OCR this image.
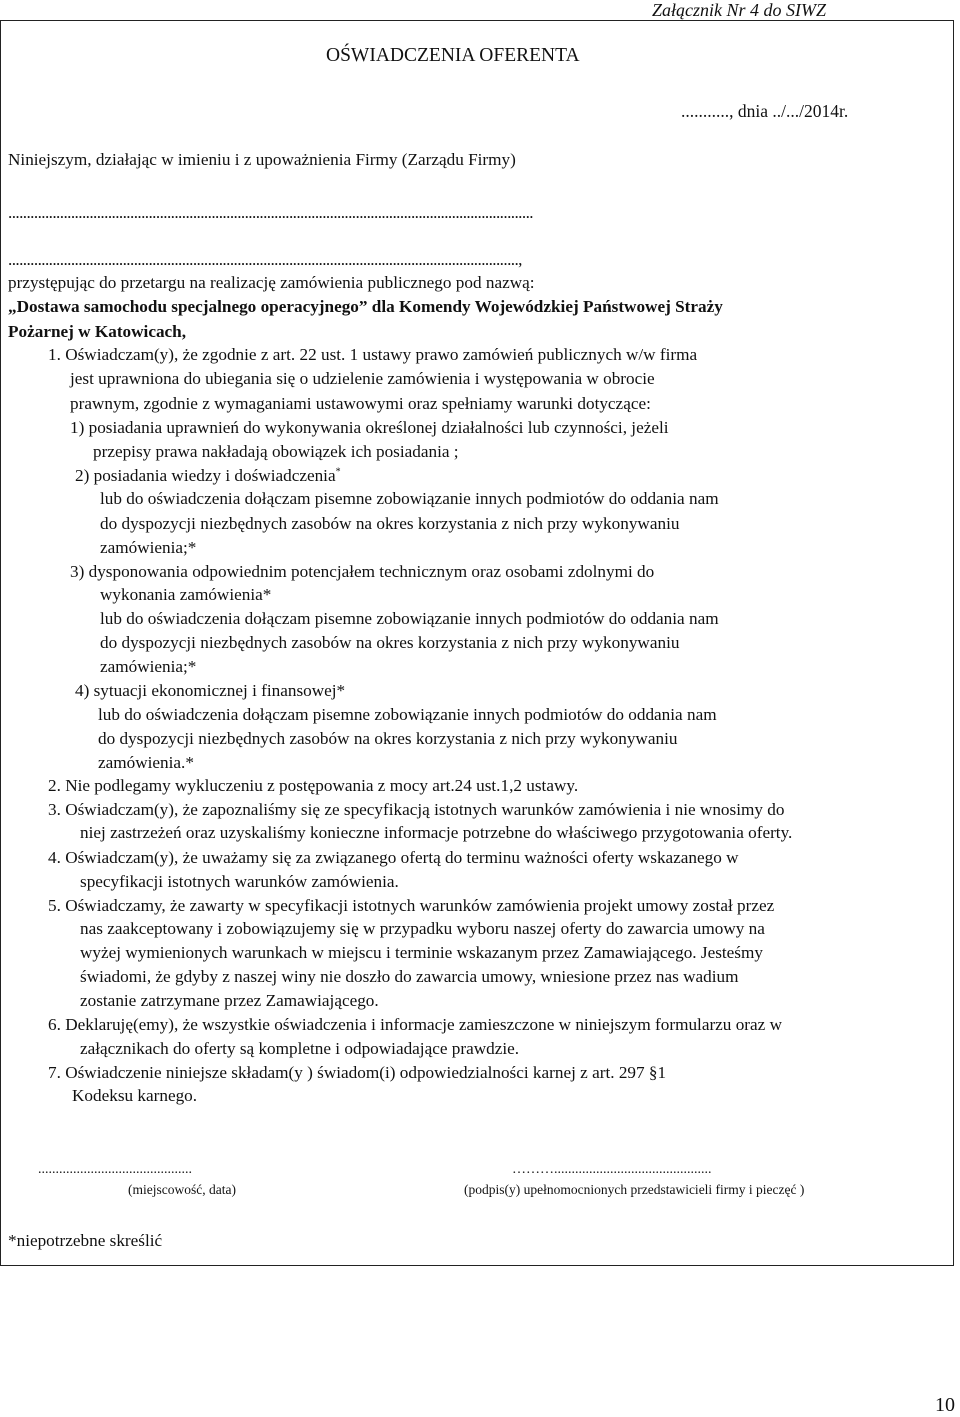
Załącznik Nr 4 do SIWZ
OŚWIADCZENIA OFERENTA
..........., dnia ../.../2014r.
Niniejszym, działając w imieniu i z upoważnienia Firmy (Zarządu Firmy)
..............................................................................................................................................
..........................................................................................................................................,
przystępując do przetargu na realizację zamówienia publicznego pod nazwą:
„Dostawa samochodu specjalnego operacyjnego” dla Komendy Wojewódzkiej Państwowej Straży
Pożarnej w Katowicach,
1. Oświadczam(y), że zgodnie z art. 22 ust. 1 ustawy prawo zamówień publicznych w/w firma
jest uprawniona do ubiegania się o udzielenie zamówienia i występowania w obrocie
prawnym, zgodnie z wymaganiami ustawowymi oraz spełniamy warunki dotyczące:
1) posiadania uprawnień do wykonywania określonej działalności lub czynności, jeżeli
przepisy prawa nakładają obowiązek ich posiadania ;
2) posiadania wiedzy i doświadczenia*
lub do oświadczenia dołączam pisemne zobowiązanie innych podmiotów do oddania nam
do dyspozycji niezbędnych zasobów na okres korzystania z nich przy wykonywaniu
zamówienia;*
3) dysponowania odpowiednim potencjałem technicznym oraz osobami zdolnymi do
wykonania zamówienia*
lub do oświadczenia dołączam pisemne zobowiązanie innych podmiotów do oddania nam
do dyspozycji niezbędnych zasobów na okres korzystania z nich przy wykonywaniu
zamówienia;*
4) sytuacji ekonomicznej i finansowej*
lub do oświadczenia dołączam pisemne zobowiązanie innych podmiotów do oddania nam
do dyspozycji niezbędnych zasobów na okres korzystania z nich przy wykonywaniu
zamówienia.*
2. Nie podlegamy wykluczeniu z postępowania z mocy art.24 ust.1,2 ustawy.
3. Oświadczam(y), że zapoznaliśmy się ze specyfikacją istotnych warunków zamówienia i nie wnosimy do
niej zastrzeżeń oraz uzyskaliśmy konieczne informacje potrzebne do właściwego przygotowania oferty.
4. Oświadczam(y), że uważamy się za związanego ofertą do terminu ważności oferty wskazanego w
specyfikacji istotnych warunków zamówienia.
5. Oświadczamy, że zawarty w specyfikacji istotnych warunków zamówienia projekt umowy został przez
nas zaakceptowany i zobowiązujemy się w przypadku wyboru naszej oferty do zawarcia umowy na
wyżej wymienionych warunkach w miejscu i terminie wskazanym przez Zamawiającego. Jesteśmy
świadomi, że gdyby z naszej winy nie doszło do zawarcia umowy, wniesione przez nas wadium
zostanie zatrzymane przez Zamawiającego.
6. Deklaruję(emy), że wszystkie oświadczenia i informacje zamieszczone w niniejszym formularzu oraz w
załącznikach do oferty są kompletne i odpowiadające prawdzie.
7. Oświadczenie niniejsze składam(y ) świadom(i) odpowiedzialności karnej z art. 297 §1
Kodeksu karnego.
............................................
(miejscowość, data)
……….............................................
(podpis(y) upełnomocnionych przedstawicieli firmy i pieczęć )
*niepotrzebne skreślić
10
